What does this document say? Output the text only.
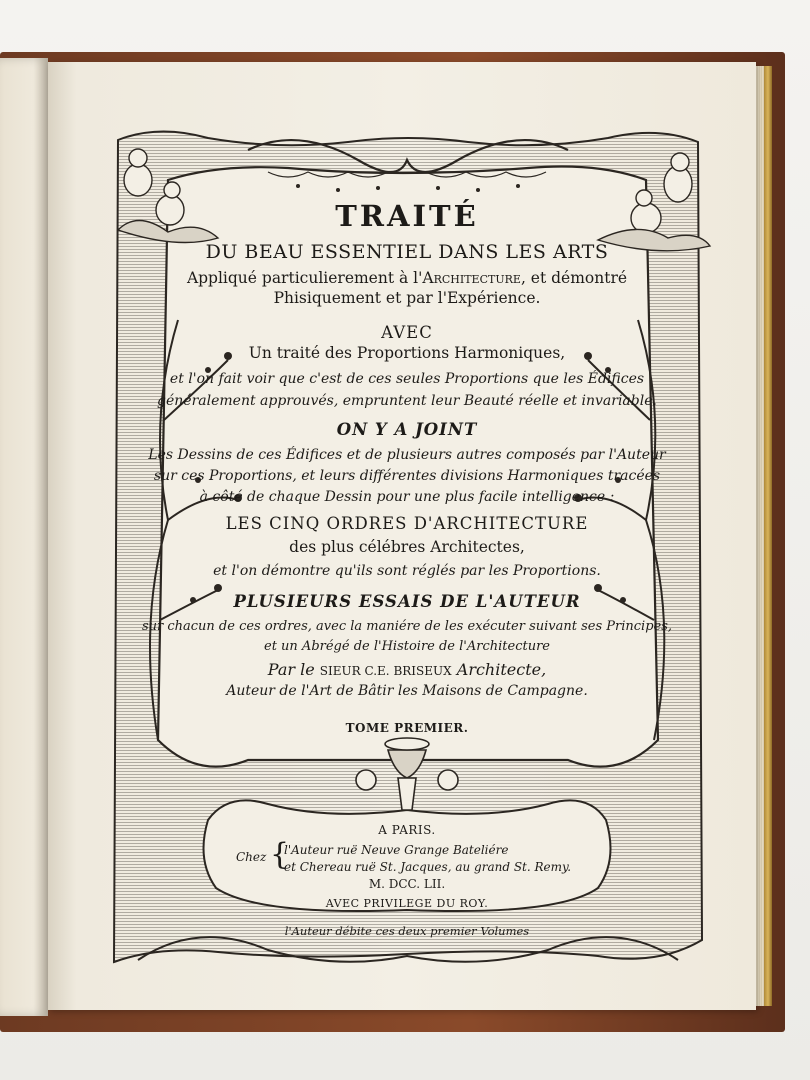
TRAITÉ
DU BEAU ESSENTIEL DANS LES ARTS
Appliqué particulierement à l'Architecture, et démontré
Phisiquement et par l'Expérience.
AVEC
Un traité des Proportions Harmoniques,
et l'on fait voir que c'est de ces seules Proportions que les Édifices
généralement approuvés, empruntent leur Beauté réelle et invariable.
ON Y A JOINT
Les Dessins de ces Édifices et de plusieurs autres composés par l'Auteur
sur ces Proportions, et leurs différentes divisions Harmoniques tracées
à côté de chaque Dessin pour une plus facile intelligence :
LES CINQ ORDRES D'ARCHITECTURE
des plus célébres Architectes,
et l'on démontre qu'ils sont réglés par les Proportions.
PLUSIEURS ESSAIS DE L'AUTEUR
sur chacun de ces ordres, avec la maniére de les exécuter suivant ses Principes,
et un Abrégé de l'Histoire de l'Architecture
Par le SIEUR C.E. BRISEUX Architecte,
Auteur de l'Art de Bâtir les Maisons de Campagne.
TOME PREMIER.
A PARIS.
Chez {
l'Auteur ruë Neuve Grange Bateliére
et Chereau ruë St. Jacques, au grand St. Remy.
M. DCC. LII.
AVEC PRIVILEGE DU ROY.
l'Auteur débite ces deux premier Volumes
